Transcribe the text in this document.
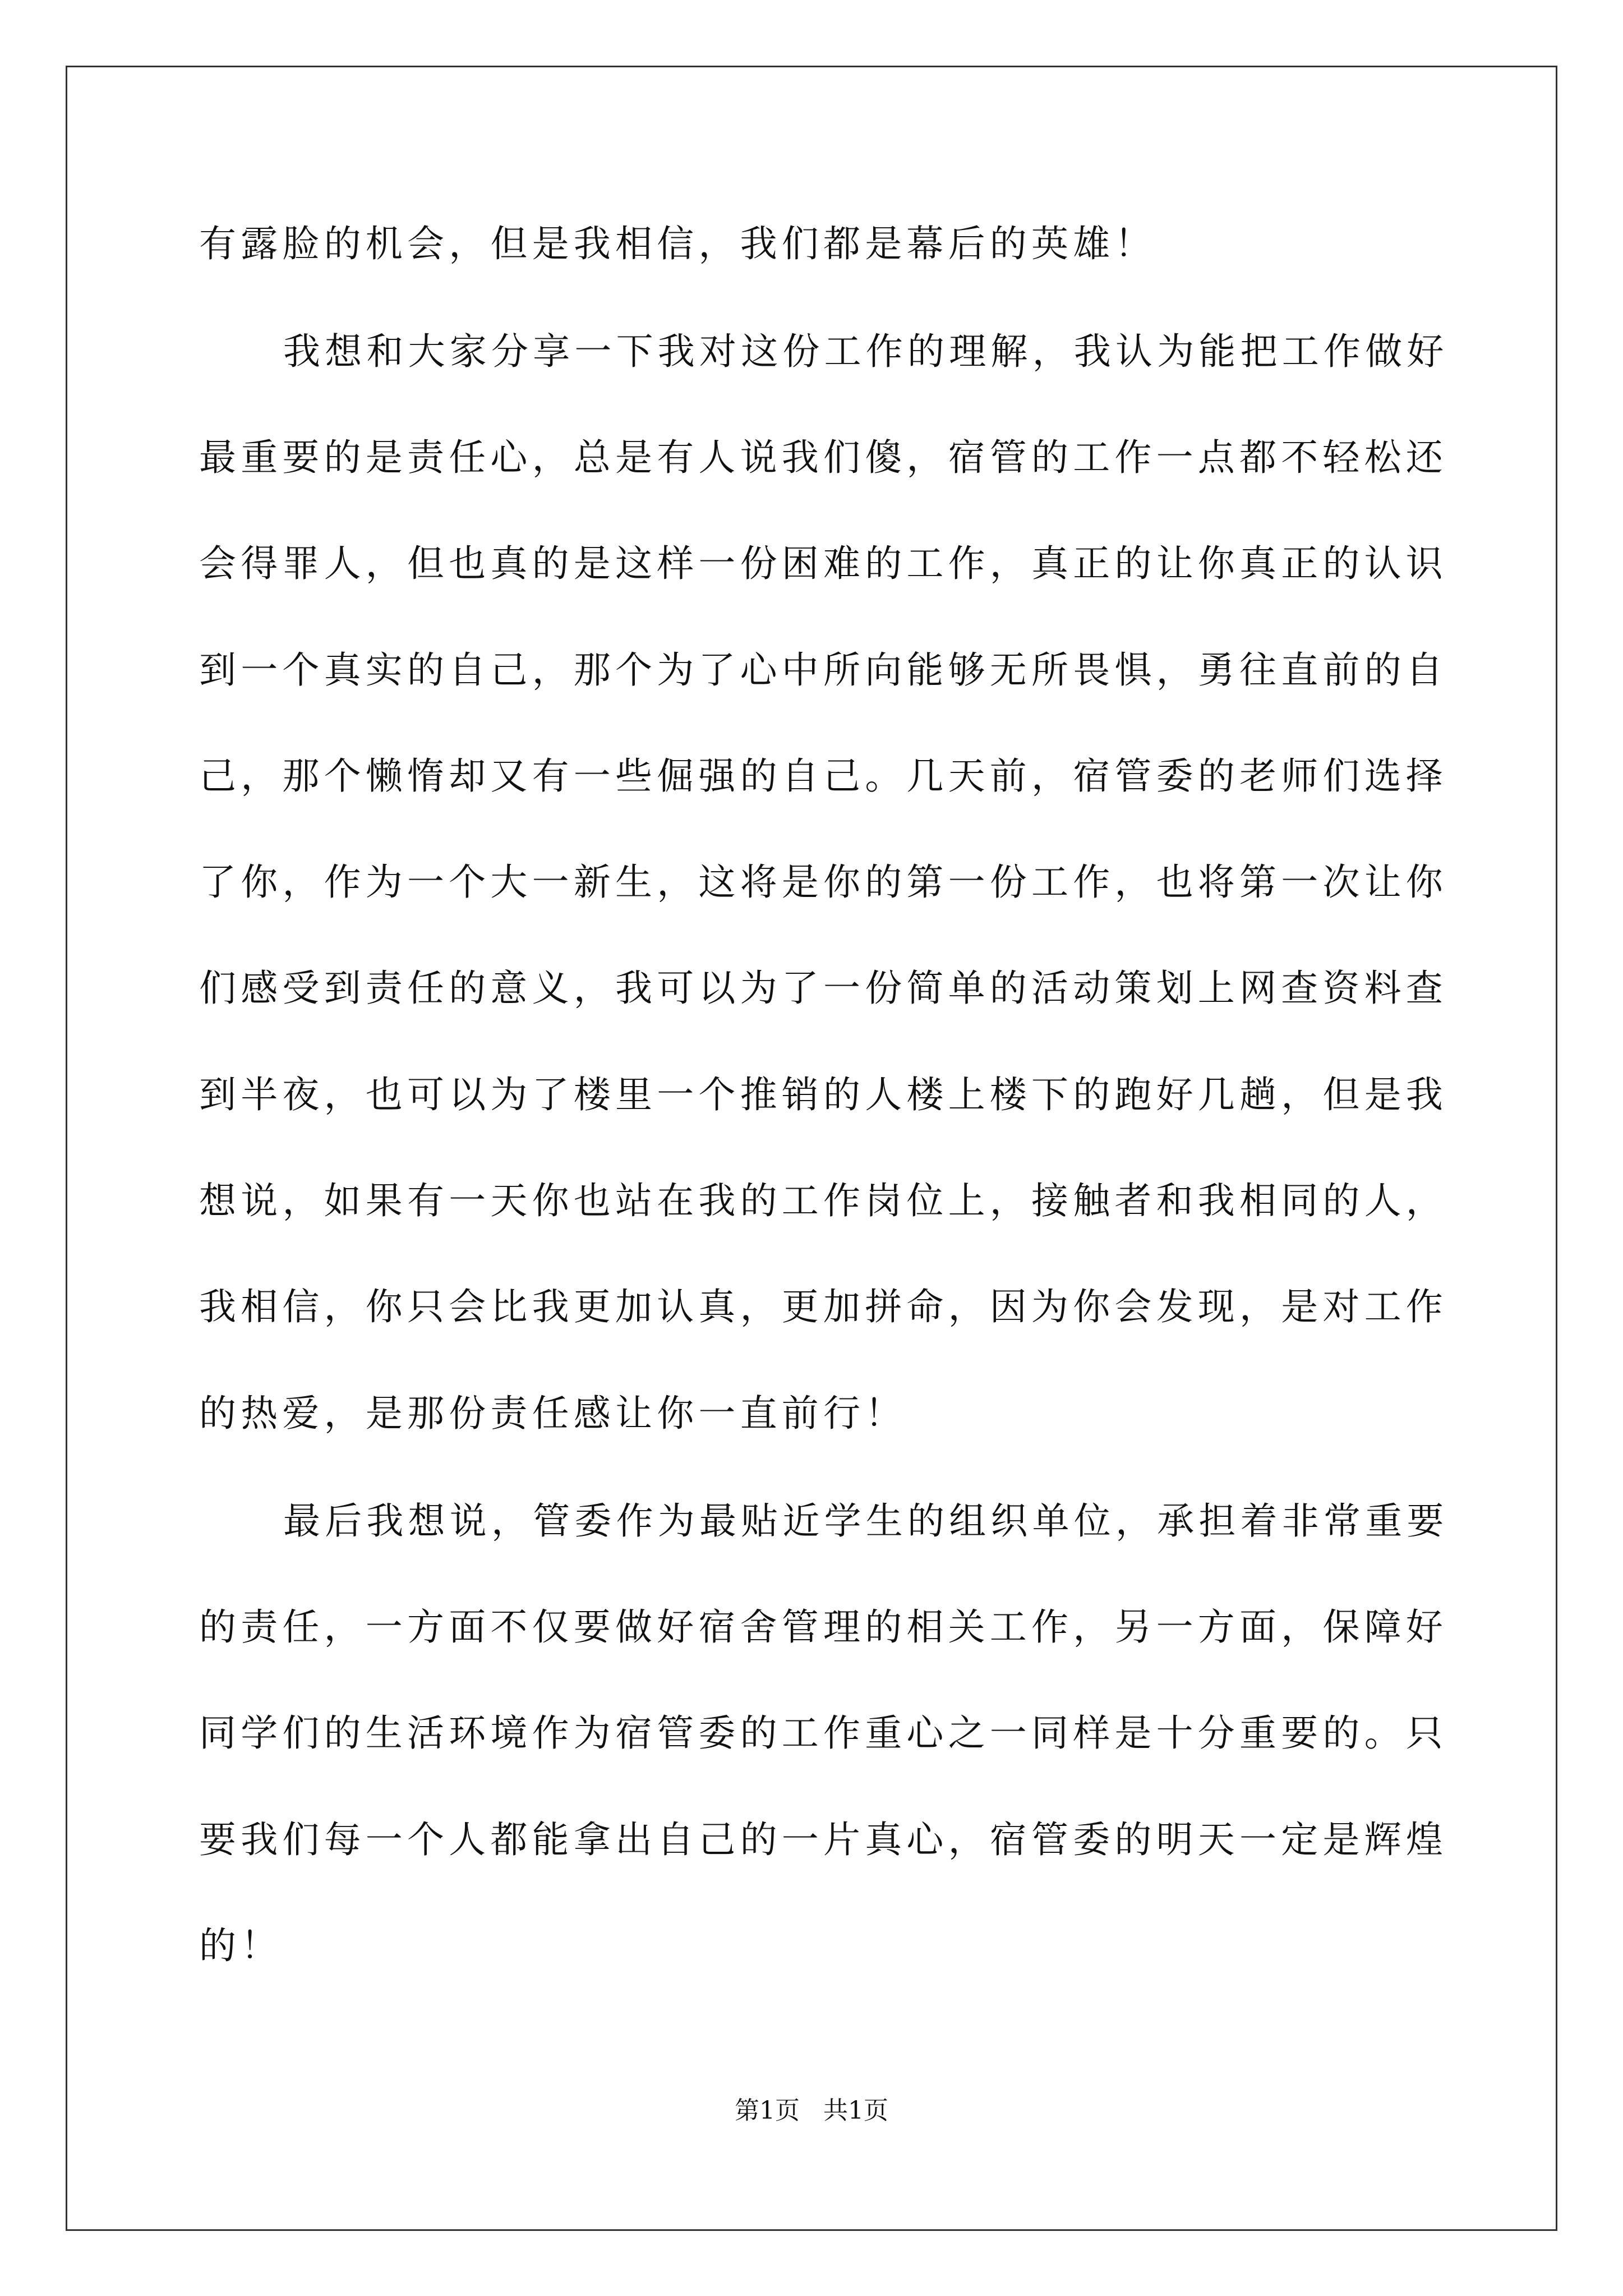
有露脸的机会，但是我相信，我们都是幕后的英雄！
我想和大家分享一下我对这份工作的理解，我认为能把工作做好
最重要的是责任心，总是有人说我们傻，宿管的工作一点都不轻松还
会得罪人，但也真的是这样一份困难的工作，真正的让你真正的认识
到一个真实的自己，那个为了心中所向能够无所畏惧，勇往直前的自
己，那个懒惰却又有一些倔强的自己。几天前，宿管委的老师们选择
了你，作为一个大一新生，这将是你的第一份工作，也将第一次让你
们感受到责任的意义，我可以为了一份简单的活动策划上网查资料查
到半夜，也可以为了楼里一个推销的人楼上楼下的跑好几趟，但是我
想说，如果有一天你也站在我的工作岗位上，接触者和我相同的人，
我相信，你只会比我更加认真，更加拼命，因为你会发现，是对工作
的热爱，是那份责任感让你一直前行！
最后我想说，管委作为最贴近学生的组织单位，承担着非常重要
的责任，一方面不仅要做好宿舍管理的相关工作，另一方面，保障好
同学们的生活环境作为宿管委的工作重心之一同样是十分重要的。只
要我们每一个人都能拿出自己的一片真心，宿管委的明天一定是辉煌
的！
第1页   共1页
